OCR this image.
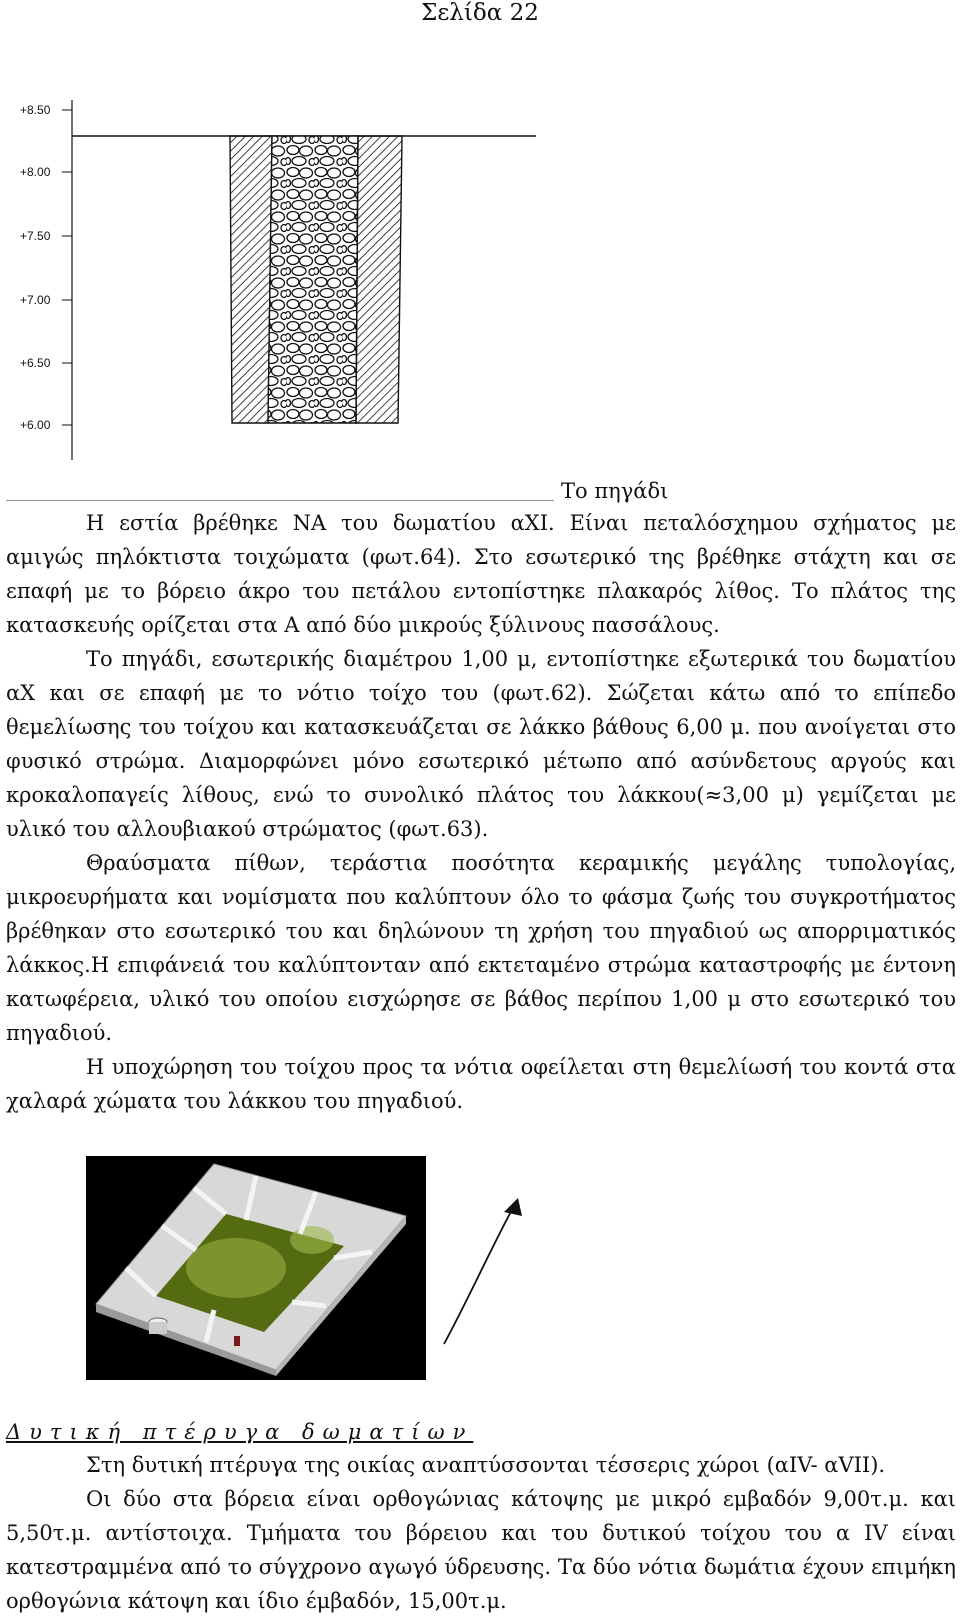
Σελίδα 22
+8.50
+8.00
+7.50
+7.00
+6.50
+6.00
Το πηγάδι

Η εστία βρέθηκε ΝΑ του δωματίου αXI. Είναι πεταλόσχημου σχήματος με αμιγώς πηλόκτιστα τοιχώματα (φωτ.64). Στο εσωτερικό της βρέθηκε στάχτη και σε επαφή με το βόρειο άκρο του πετάλου εντοπίστηκε πλακαρός λίθος. Το πλάτος της κατασκευής ορίζεται στα Α από δύο μικρούς ξύλινους πασσάλους.

Το πηγάδι, εσωτερικής διαμέτρου 1,00 μ, εντοπίστηκε εξωτερικά του δωματίου αΧ και σε επαφή με το νότιο τοίχο του (φωτ.62). Σώζεται κάτω από το επίπεδο θεμελίωσης του τοίχου και κατασκευάζεται σε λάκκο βάθους 6,00 μ. που ανοίγεται στο φυσικό στρώμα. Διαμορφώνει μόνο εσωτερικό μέτωπο από ασύνδετους αργούς και κροκαλοπαγείς λίθους, ενώ το συνολικό πλάτος του λάκκου(≈3,00 μ) γεμίζεται με υλικό του αλλουβιακού στρώματος (φωτ.63).

Θραύσματα πίθων, τεράστια ποσότητα κεραμικής μεγάλης τυπολογίας, μικροευρήματα και νομίσματα που καλύπτουν όλο το φάσμα ζωής του συγκροτήματος βρέθηκαν στο εσωτερικό του και δηλώνουν τη χρήση του πηγαδιού ως απορριματικός λάκκος.Η επιφάνειά του καλύπτονταν από εκτεταμένο στρώμα καταστροφής με έντονη κατωφέρεια, υλικό του οποίου εισχώρησε σε βάθος περίπου 1,00 μ στο εσωτερικό του πηγαδιού.

Η υποχώρηση του τοίχου προς τα νότια οφείλεται στη θεμελίωσή του κοντά στα χαλαρά χώματα του λάκκου του πηγαδιού.

Δυτική πτέρυγα δωματίων

Στη δυτική πτέρυγα της οικίας αναπτύσσονται τέσσερις χώροι (αIV- αVII).

Οι δύο στα βόρεια είναι ορθογώνιας κάτοψης με μικρό εμβαδόν 9,00τ.μ. και 5,50τ.μ. αντίστοιχα. Τμήματα του βόρειου και του δυτικού τοίχου του α IV είναι κατεστραμμένα από το σύγχρονο αγωγό ύδρευσης. Τα δύο νότια δωμάτια έχουν επιμήκη ορθογώνια κάτοψη και ίδιο έμβαδόν, 15,00τ.μ.
